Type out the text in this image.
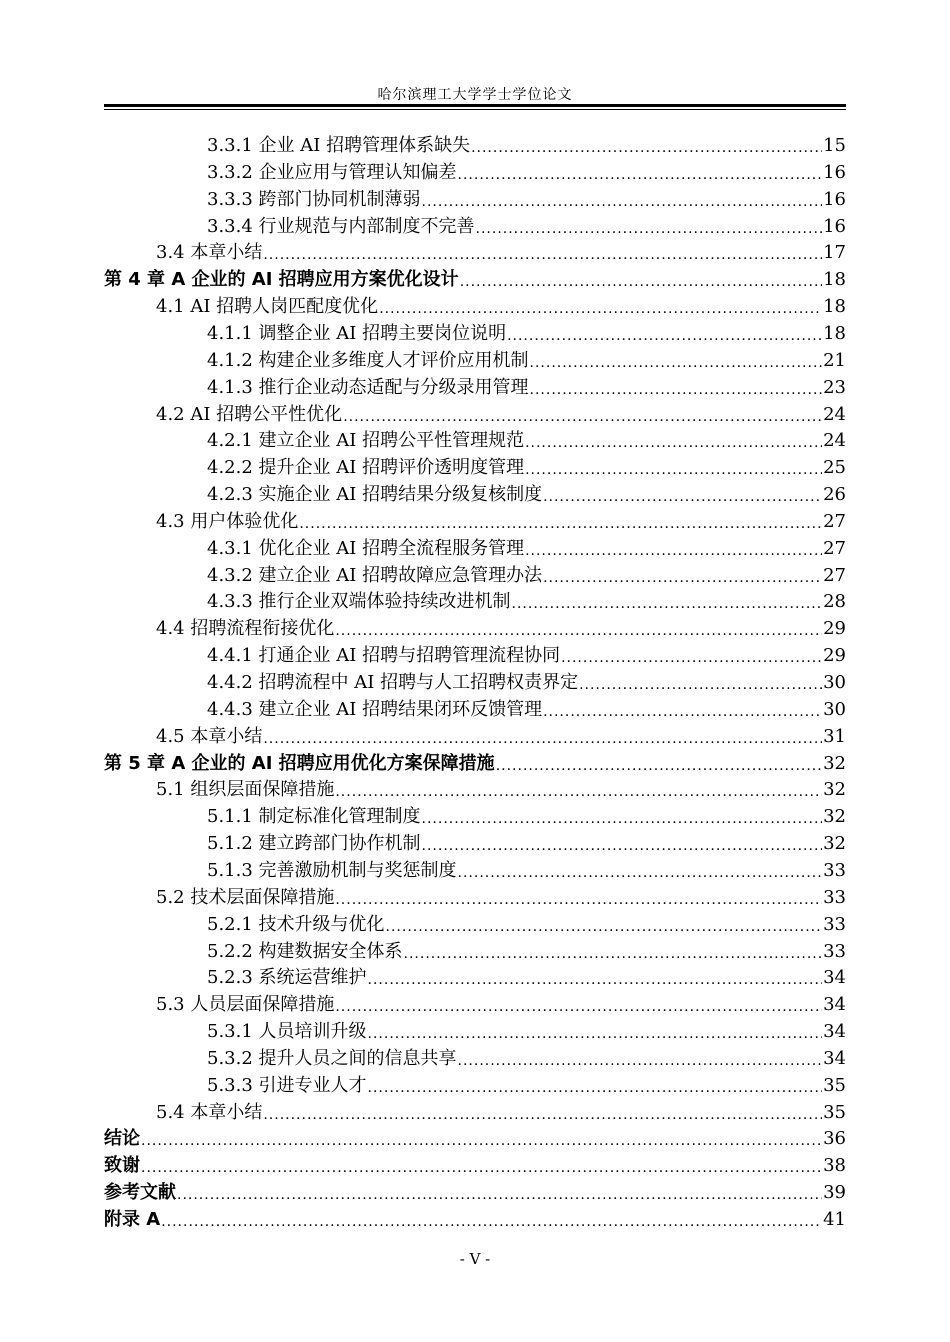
哈尔滨理工大学学士学位论文
3.3.1 企业 AI 招聘管理体系缺失 .....	15
3.3.2 企业应用与管理认知偏差 .....	16
3.3.3 跨部门协同机制薄弱 .....	16
3.3.4 行业规范与内部制度不完善 .....	16
3.4 本章小结 .....	17
第 4 章 A 企业的 AI 招聘应用方案优化设计 .....	18
4.1 AI 招聘人岗匹配度优化 .....	18
4.1.1 调整企业 AI 招聘主要岗位说明 .....	18
4.1.2 构建企业多维度人才评价应用机制 .....	21
4.1.3 推行企业动态适配与分级录用管理 .....	23
4.2 AI 招聘公平性优化 .....	24
4.2.1 建立企业 AI 招聘公平性管理规范 .....	24
4.2.2 提升企业 AI 招聘评价透明度管理 .....	25
4.2.3 实施企业 AI 招聘结果分级复核制度 .....	26
4.3 用户体验优化 .....	27
4.3.1 优化企业 AI 招聘全流程服务管理 .....	27
4.3.2 建立企业 AI 招聘故障应急管理办法 .....	27
4.3.3 推行企业双端体验持续改进机制 .....	28
4.4 招聘流程衔接优化 .....	29
4.4.1 打通企业 AI 招聘与招聘管理流程协同 .....	29
4.4.2 招聘流程中 AI 招聘与人工招聘权责界定 .....	30
4.4.3 建立企业 AI 招聘结果闭环反馈管理 .....	30
4.5 本章小结 .....	31
第 5 章 A 企业的 AI 招聘应用优化方案保障措施 .....	32
5.1 组织层面保障措施 .....	32
5.1.1 制定标准化管理制度 .....	32
5.1.2 建立跨部门协作机制 .....	32
5.1.3 完善激励机制与奖惩制度 .....	33
5.2 技术层面保障措施 .....	33
5.2.1 技术升级与优化 .....	33
5.2.2 构建数据安全体系 .....	33
5.2.3 系统运营维护 .....	34
5.3 人员层面保障措施 .....	34
5.3.1 人员培训升级 .....	34
5.3.2 提升人员之间的信息共享 .....	34
5.3.3 引进专业人才 .....	35
5.4 本章小结 .....	35
结论 .....	36
致谢 .....	38
参考文献 .....	39
附录 A .....	41
- V -
